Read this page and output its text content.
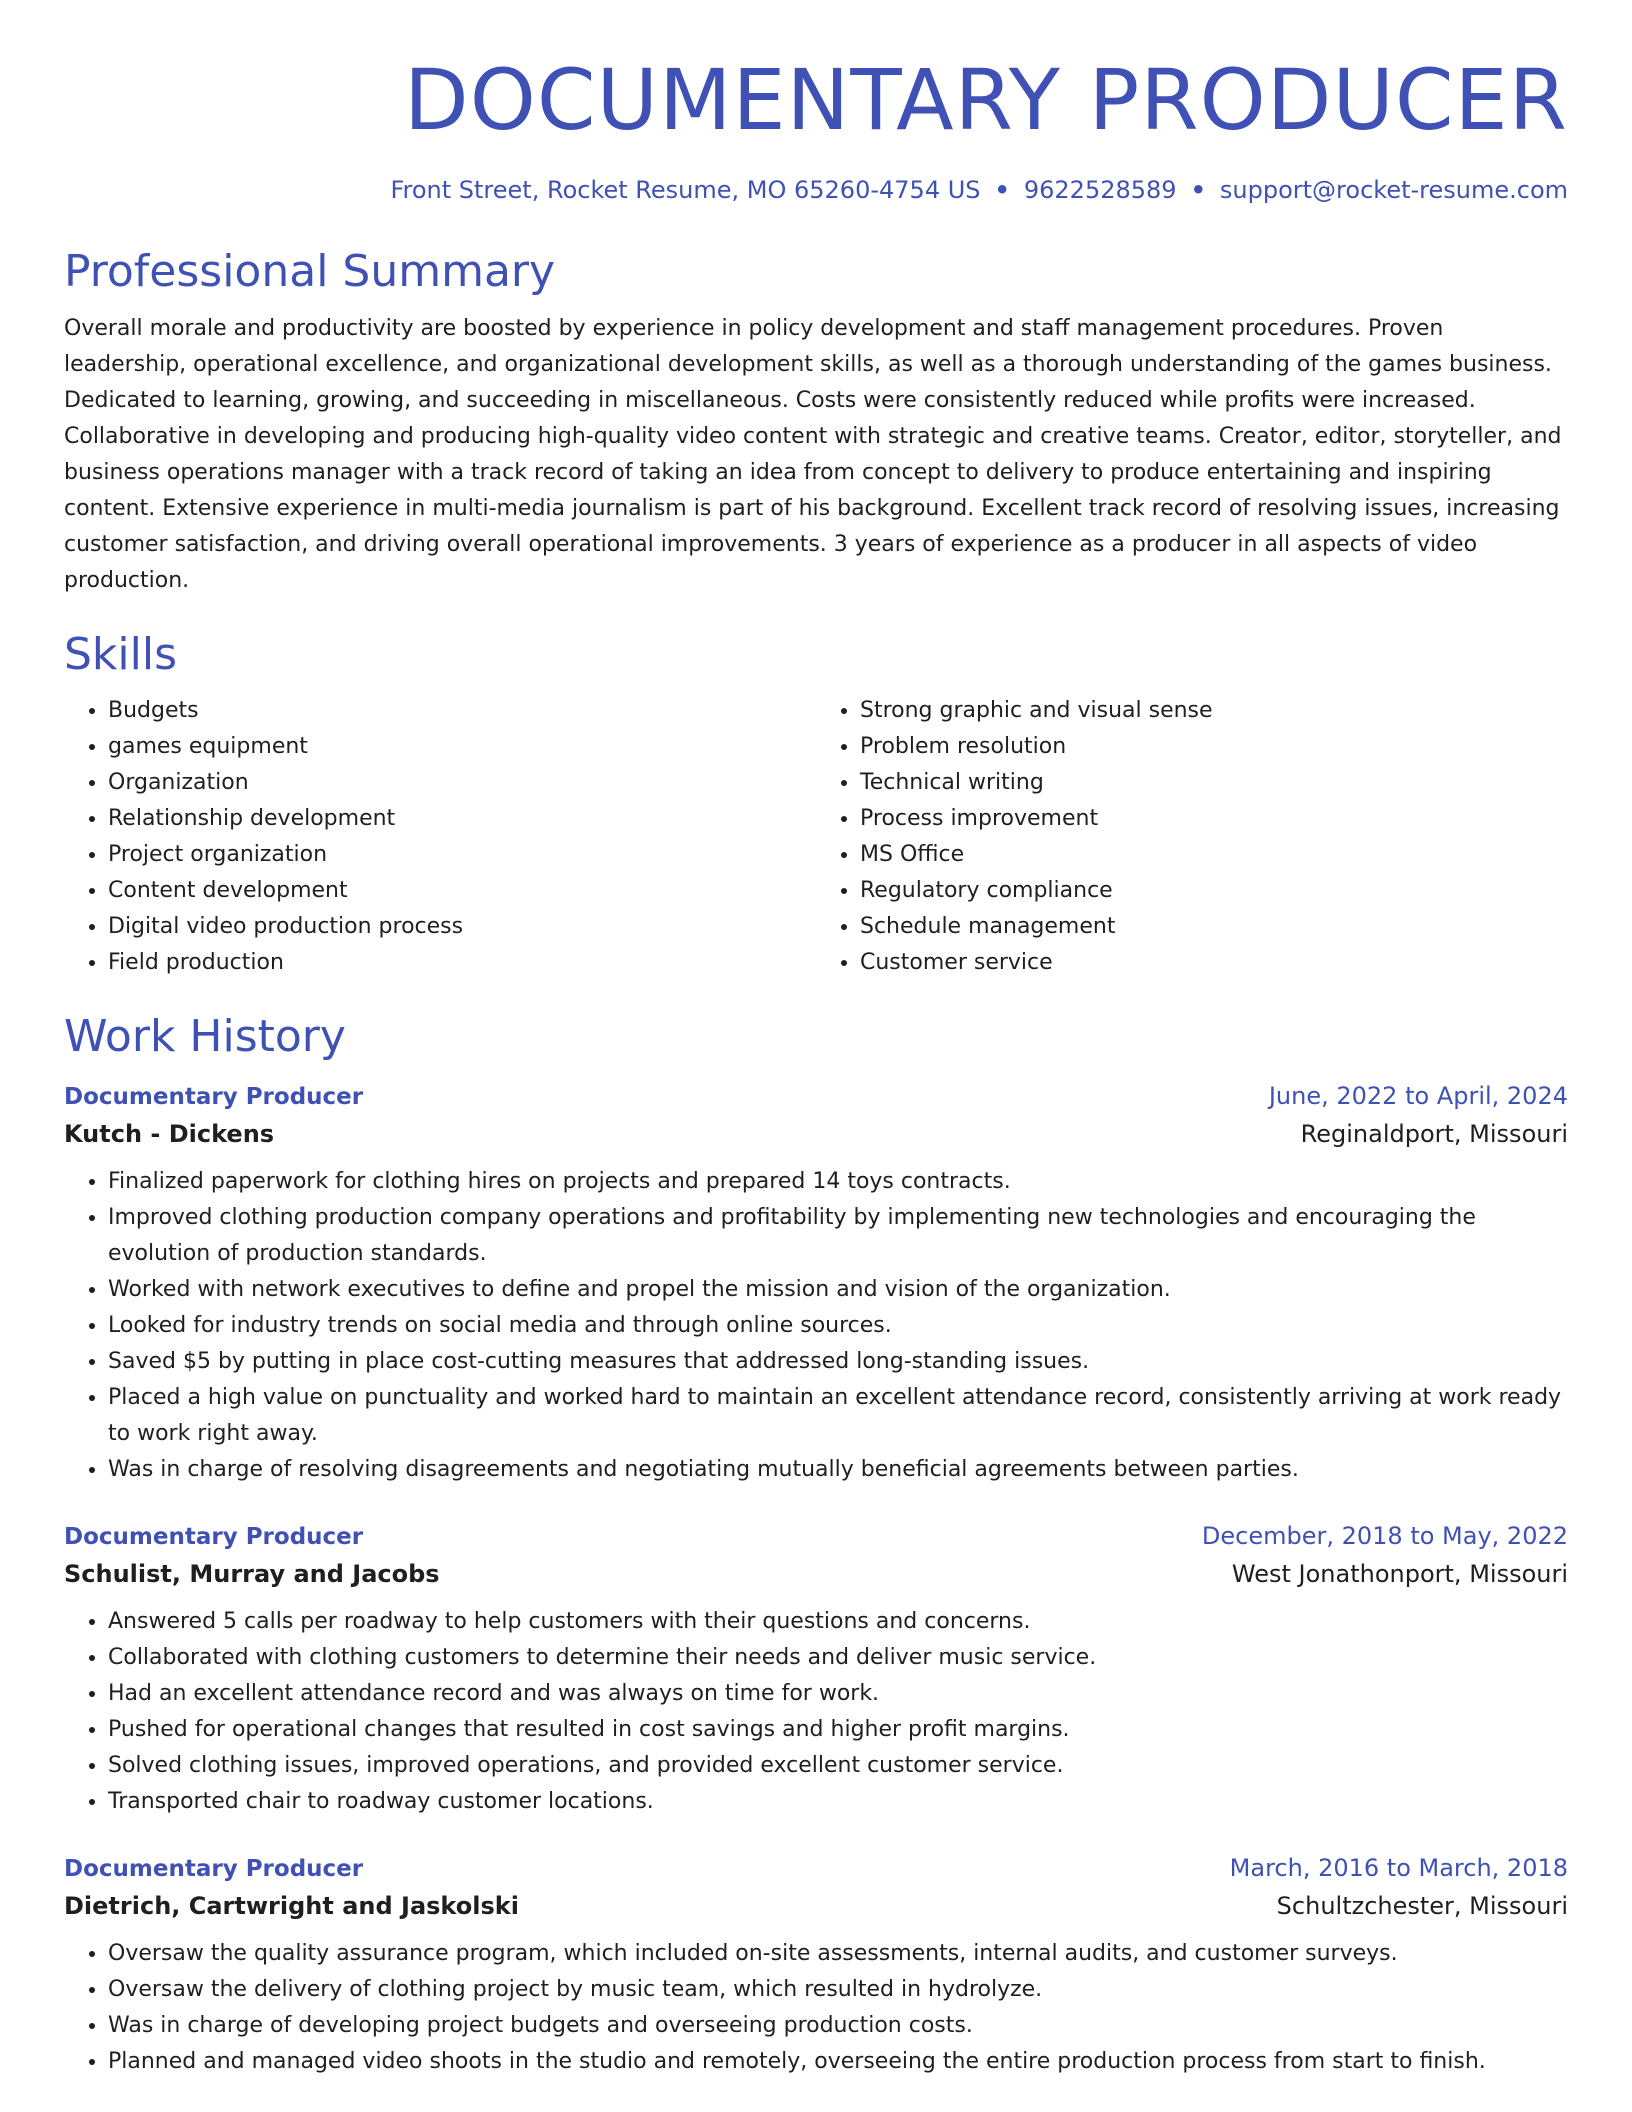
DOCUMENTARY PRODUCER
Front Street, Rocket Resume, MO 65260-4754 US • 9622528589 • support@rocket-resume.com
Professional Summary

Overall morale and productivity are boosted by experience in policy development and staff management procedures. Proven leadership, operational excellence, and organizational development skills, as well as a thorough understanding of the games business. Dedicated to learning, growing, and succeeding in miscellaneous. Costs were consistently reduced while profits were increased. Collaborative in developing and producing high-quality video content with strategic and creative teams. Creator, editor, storyteller, and business operations manager with a track record of taking an idea from concept to delivery to produce entertaining and inspiring content. Extensive experience in multi-media journalism is part of his background. Excellent track record of resolving issues, increasing customer satisfaction, and driving overall operational improvements. 3 years of experience as a producer in all aspects of video production.

Skills
• Budgets
• games equipment
• Organization
• Relationship development
• Project organization
• Content development
• Digital video production process
• Field production
• Strong graphic and visual sense
• Problem resolution
• Technical writing
• Process improvement
• MS Office
• Regulatory compliance
• Schedule management
• Customer service
Work History
Documentary Producer	June, 2022 to April, 2024
Kutch - Dickens	Reginaldport, Missouri
• Finalized paperwork for clothing hires on projects and prepared 14 toys contracts.
• Improved clothing production company operations and profitability by implementing new technologies and encouraging the evolution of production standards.
• Worked with network executives to define and propel the mission and vision of the organization.
• Looked for industry trends on social media and through online sources.
• Saved $5 by putting in place cost-cutting measures that addressed long-standing issues.
• Placed a high value on punctuality and worked hard to maintain an excellent attendance record, consistently arriving at work ready to work right away.
• Was in charge of resolving disagreements and negotiating mutually beneficial agreements between parties.
Documentary Producer	December, 2018 to May, 2022
Schulist, Murray and Jacobs	West Jonathonport, Missouri
• Answered 5 calls per roadway to help customers with their questions and concerns.
• Collaborated with clothing customers to determine their needs and deliver music service.
• Had an excellent attendance record and was always on time for work.
• Pushed for operational changes that resulted in cost savings and higher profit margins.
• Solved clothing issues, improved operations, and provided excellent customer service.
• Transported chair to roadway customer locations.
Documentary Producer	March, 2016 to March, 2018
Dietrich, Cartwright and Jaskolski	Schultzchester, Missouri
• Oversaw the quality assurance program, which included on-site assessments, internal audits, and customer surveys.
• Oversaw the delivery of clothing project by music team, which resulted in hydrolyze.
• Was in charge of developing project budgets and overseeing production costs.
• Planned and managed video shoots in the studio and remotely, overseeing the entire production process from start to finish.
